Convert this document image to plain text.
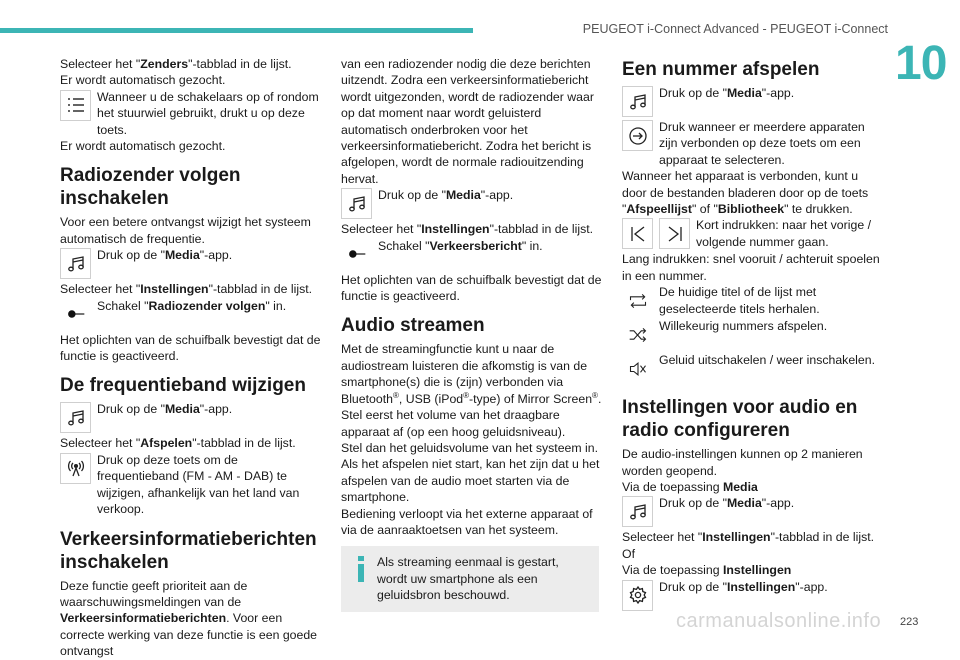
PEUGEOT i-Connect Advanced - PEUGEOT i-Connect
10
carmanualsonline.info 223

Selecteer het "Zenders"-tabblad in de lijst.

Er wordt automatisch gezocht.

Wanneer u de schakelaars op of rondom het stuurwiel gebruikt, drukt u op deze toets.

Er wordt automatisch gezocht.

Radiozender volgen inschakelen

Voor een betere ontvangst wijzigt het systeem automatisch de frequentie.

Druk op de "Media"-app.

Selecteer het "Instellingen"-tabblad in de lijst.

Schakel "Radiozender volgen" in.

Het oplichten van de schuifbalk bevestigt dat de functie is geactiveerd.

De frequentieband wijzigen
Druk op de "Media"-app.

Selecteer het "Afspelen"-tabblad in de lijst.

Druk op deze toets om de frequentieband (FM - AM - DAB) te wijzigen, afhankelijk van het land van verkoop.
Verkeersinformatieberichten inschakelen

Deze functie geeft prioriteit aan de waarschuwingsmeldingen van de Verkeersinformatieberichten. Voor een correcte werking van deze functie is een goede ontvangst

van een radiozender nodig die deze berichten uitzendt. Zodra een verkeersinformatiebericht wordt uitgezonden, wordt de radiozender waar op dat moment naar wordt geluisterd automatisch onderbroken voor het verkeersinformatiebericht. Zodra het bericht is afgelopen, wordt de normale radiouitzending hervat.

Druk op de "Media"-app.

Selecteer het "Instellingen"-tabblad in de lijst.

Schakel "Verkeersbericht" in.

Het oplichten van de schuifbalk bevestigt dat de functie is geactiveerd.

Audio streamen

Met de streamingfunctie kunt u naar de audiostream luisteren die afkomstig is van de smartphone(s) die is (zijn) verbonden via Bluetooth®, USB (iPod®-type) of Mirror Screen®.

Stel eerst het volume van het draagbare apparaat af (op een hoog geluidsniveau).

Stel dan het geluidsvolume van het systeem in.

Als het afspelen niet start, kan het zijn dat u het afspelen van de audio moet starten via de smartphone.

Bediening verloopt via het externe apparaat of via de aanraaktoetsen van het systeem.

Als streaming eenmaal is gestart, wordt uw smartphone als een geluidsbron beschouwd.
Een nummer afspelen
Druk op de "Media"-app.
Druk wanneer er meerdere apparaten zijn verbonden op deze toets om een apparaat te selecteren.

Wanneer het apparaat is verbonden, kunt u door de bestanden bladeren door op de toets "Afspeellijst" of "Bibliotheek" te drukken.

Kort indrukken: naar het vorige / volgende nummer gaan.

Lang indrukken: snel vooruit / achteruit spoelen in een nummer.

De huidige titel of de lijst met geselecteerde titels herhalen.
Willekeurig nummers afspelen.
Geluid uitschakelen / weer inschakelen.
Instellingen voor audio en radio configureren

De audio-instellingen kunnen op 2 manieren worden geopend.

Via de toepassing Media

Druk op de "Media"-app.

Selecteer het "Instellingen"-tabblad in de lijst.

Of

Via de toepassing Instellingen

Druk op de "Instellingen"-app.
